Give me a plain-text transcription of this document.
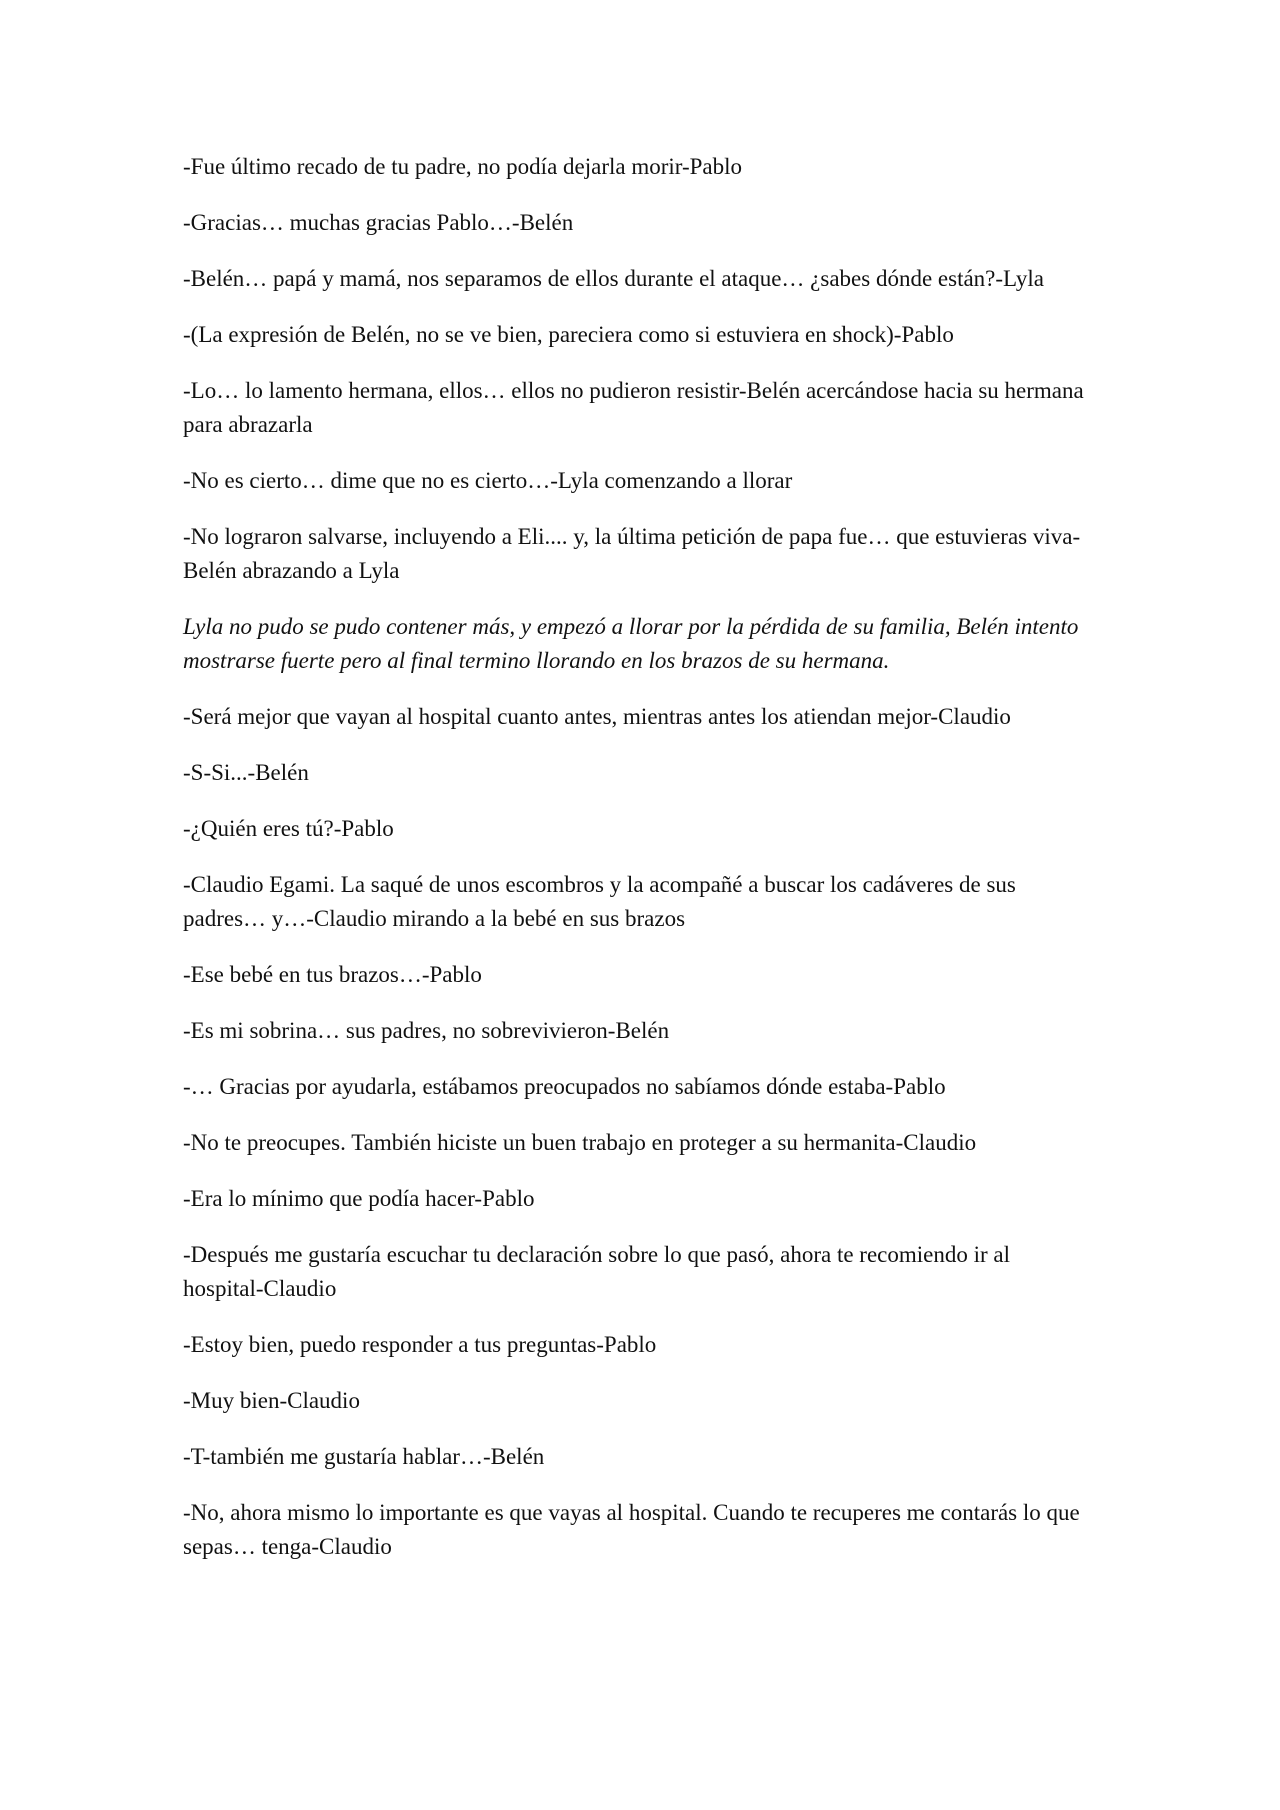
-Fue último recado de tu padre, no podía dejarla morir-Pablo

-Gracias… muchas gracias Pablo…-Belén

-Belén… papá y mamá, nos separamos de ellos durante el ataque… ¿sabes dónde están?-Lyla

-(La expresión de Belén, no se ve bien, pareciera como si estuviera en shock)-Pablo

-Lo… lo lamento hermana, ellos… ellos no pudieron resistir-Belén acercándose hacia su hermana para abrazarla

-No es cierto… dime que no es cierto…-Lyla comenzando a llorar

-No lograron salvarse, incluyendo a Eli.... y, la última petición de papa fue… que estuvieras viva-Belén abrazando a Lyla

Lyla no pudo se pudo contener más, y empezó a llorar por la pérdida de su familia, Belén intento mostrarse fuerte pero al final termino llorando en los brazos de su hermana.

-Será mejor que vayan al hospital cuanto antes, mientras antes los atiendan mejor-Claudio

-S-Si...-Belén

-¿Quién eres tú?-Pablo

-Claudio Egami. La saqué de unos escombros y la acompañé a buscar los cadáveres de sus padres… y…-Claudio mirando a la bebé en sus brazos

-Ese bebé en tus brazos…-Pablo

-Es mi sobrina… sus padres, no sobrevivieron-Belén

-… Gracias por ayudarla, estábamos preocupados no sabíamos dónde estaba-Pablo

-No te preocupes. También hiciste un buen trabajo en proteger a su hermanita-Claudio

-Era lo mínimo que podía hacer-Pablo

-Después me gustaría escuchar tu declaración sobre lo que pasó, ahora te recomiendo ir al hospital-Claudio

-Estoy bien, puedo responder a tus preguntas-Pablo

-Muy bien-Claudio

-T-también me gustaría hablar…-Belén

-No, ahora mismo lo importante es que vayas al hospital. Cuando te recuperes me contarás lo que sepas… tenga-Claudio
